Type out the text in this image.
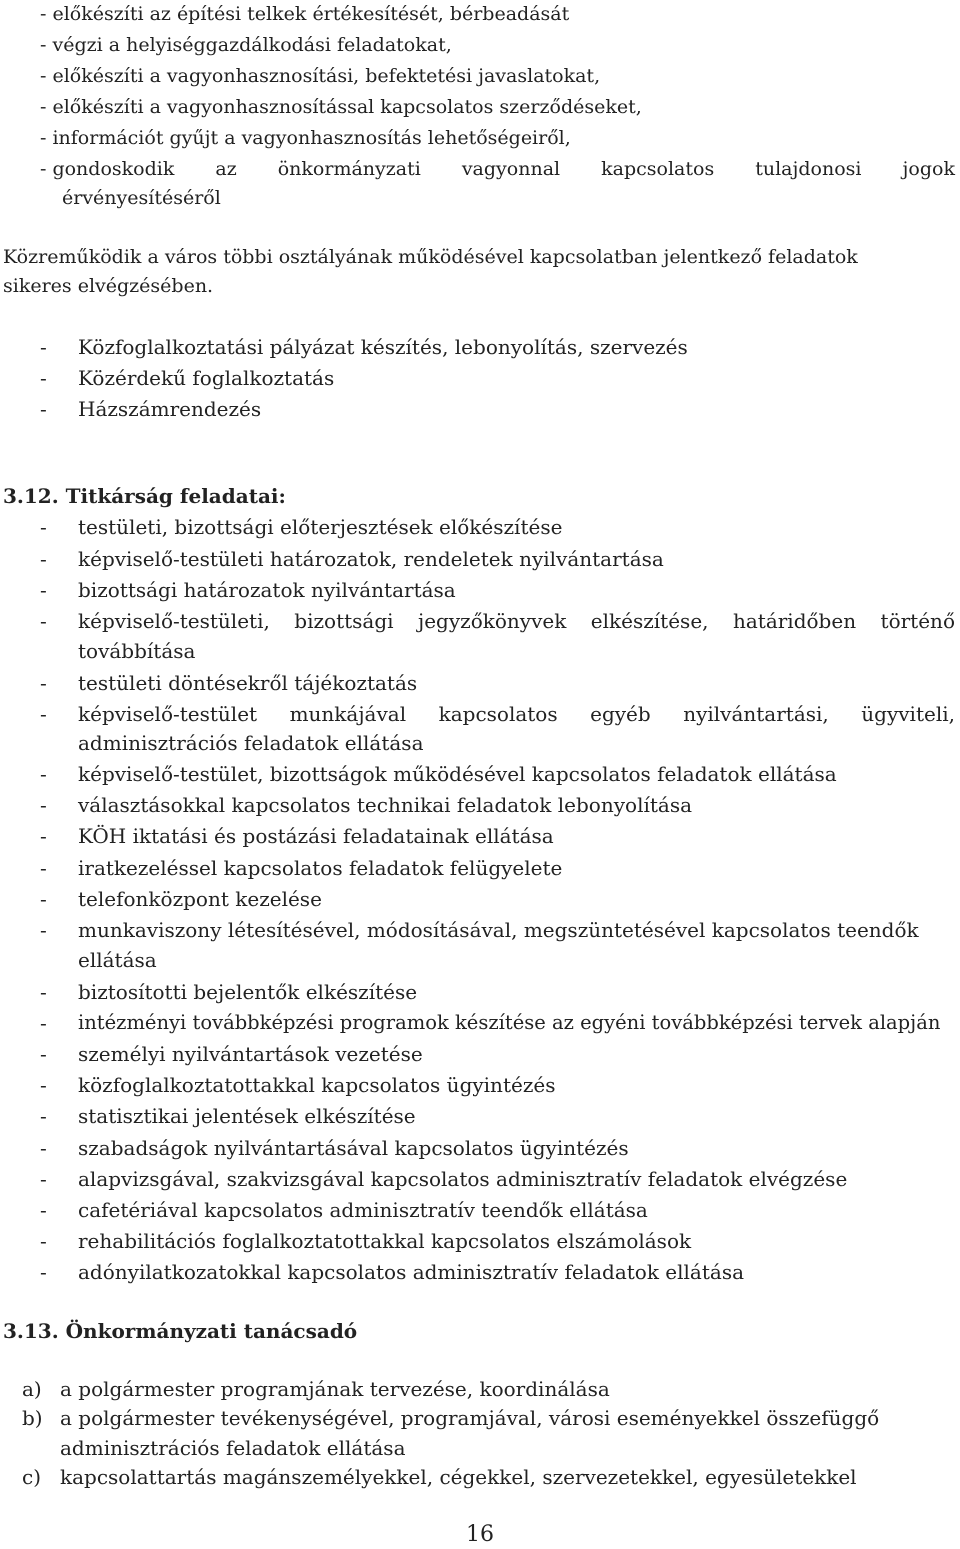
- előkészíti az építési telkek értékesítését, bérbeadását
- végzi a helyiséggazdálkodási feladatokat,
- előkészíti a vagyonhasznosítási, befektetési javaslatokat,
- előkészíti a vagyonhasznosítással kapcsolatos szerződéseket,
- információt gyűjt a vagyonhasznosítás lehetőségeiről,
- gondoskodik az önkormányzati vagyonnal kapcsolatos tulajdonosi jogok
érvényesítéséről
Közreműködik a város többi osztályának működésével kapcsolatban jelentkező feladatok
sikeres elvégzésében.
- Közfoglalkoztatási pályázat készítés, lebonyolítás, szervezés
- Közérdekű foglalkoztatás
- Házszámrendezés
3.12. Titkárság feladatai:
- testületi, bizottsági előterjesztések előkészítése
- képviselő-testületi határozatok, rendeletek nyilvántartása
- bizottsági határozatok nyilvántartása
- képviselő-testületi, bizottsági jegyzőkönyvek elkészítése, határidőben történő
továbbítása
- testületi döntésekről tájékoztatás
- képviselő-testület munkájával kapcsolatos egyéb nyilvántartási, ügyviteli,
adminisztrációs feladatok ellátása
- képviselő-testület, bizottságok működésével kapcsolatos feladatok ellátása
- választásokkal kapcsolatos technikai feladatok lebonyolítása
- KÖH iktatási és postázási feladatainak ellátása
- iratkezeléssel kapcsolatos feladatok felügyelete
- telefonközpont kezelése
- munkaviszony létesítésével, módosításával, megszüntetésével kapcsolatos teendők
ellátása
- biztosítotti bejelentők elkészítése
- intézményi továbbképzési programok készítése az egyéni továbbképzési tervek alapján
- személyi nyilvántartások vezetése
- közfoglalkoztatottakkal kapcsolatos ügyintézés
- statisztikai jelentések elkészítése
- szabadságok nyilvántartásával kapcsolatos ügyintézés
- alapvizsgával, szakvizsgával kapcsolatos adminisztratív feladatok elvégzése
- cafetériával kapcsolatos adminisztratív teendők ellátása
- rehabilitációs foglalkoztatottakkal kapcsolatos elszámolások
- adónyilatkozatokkal kapcsolatos adminisztratív feladatok ellátása
3.13. Önkormányzati tanácsadó
a) a polgármester programjának tervezése, koordinálása
b) a polgármester tevékenységével, programjával, városi eseményekkel összefüggő
adminisztrációs feladatok ellátása
c) kapcsolattartás magánszemélyekkel, cégekkel, szervezetekkel, egyesületekkel
16
